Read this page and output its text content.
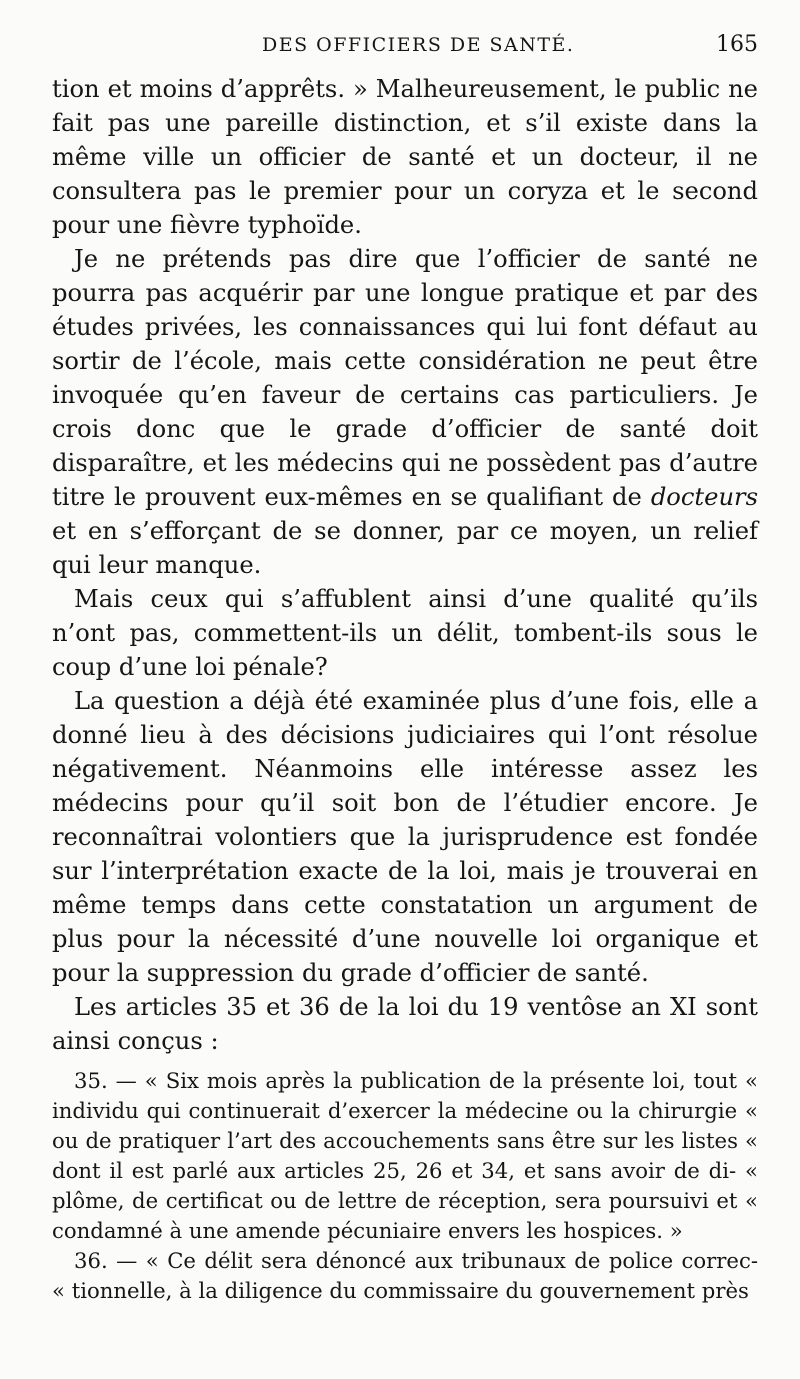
DES OFFICIERS DE SANTÉ.	165

tion et moins d’apprêts. » Malheureusement, le public ne fait pas une pareille distinction, et s’il existe dans la même ville un officier de santé et un docteur, il ne consultera pas le premier pour un coryza et le second pour une fièvre typhoïde.

Je ne prétends pas dire que l’officier de santé ne pourra pas acquérir par une longue pratique et par des études privées, les connaissances qui lui font défaut au sortir de l’école, mais cette considération ne peut être invoquée qu’en faveur de certains cas particuliers. Je crois donc que le grade d’officier de santé doit disparaître, et les médecins qui ne possèdent pas d’autre titre le prouvent eux-mêmes en se qualifiant de docteurs et en s’efforçant de se donner, par ce moyen, un relief qui leur manque.

Mais ceux qui s’affublent ainsi d’une qualité qu’ils n’ont pas, commettent-ils un délit, tombent-ils sous le coup d’une loi pénale?

La question a déjà été examinée plus d’une fois, elle a donné lieu à des décisions judiciaires qui l’ont résolue négativement. Néanmoins elle intéresse assez les médecins pour qu’il soit bon de l’étudier encore. Je reconnaîtrai volontiers que la jurisprudence est fondée sur l’interprétation exacte de la loi, mais je trouverai en même temps dans cette constatation un argument de plus pour la nécessité d’une nouvelle loi organique et pour la suppression du grade d’officier de santé.

Les articles 35 et 36 de la loi du 19 ventôse an XI sont ainsi conçus :

35. — « Six mois après la publication de la présente loi, tout « individu qui continuerait d’exercer la médecine ou la chirurgie « ou de pratiquer l’art des accouchements sans être sur les listes « dont il est parlé aux articles 25, 26 et 34, et sans avoir de di- « plôme, de certificat ou de lettre de réception, sera poursuivi et « condamné à une amende pécuniaire envers les hospices. »

36. — « Ce délit sera dénoncé aux tribunaux de police correc- « tionnelle, à la diligence du commissaire du gouvernement près
